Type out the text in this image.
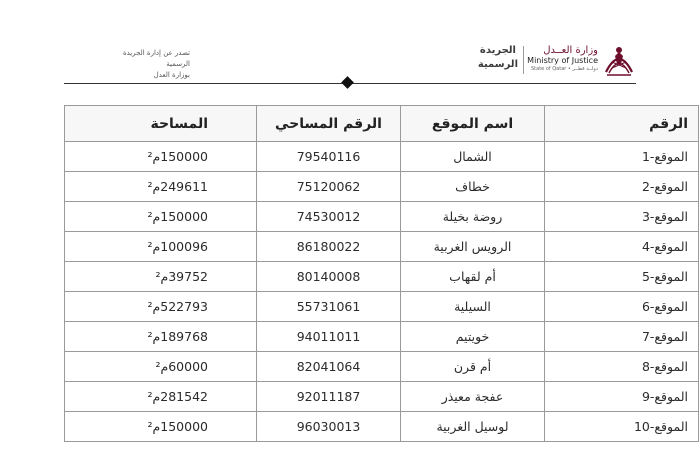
تصدر عن إدارة الجريدة الرسمية
بوزارة العدل
وزارة العــدل
Ministry of Justice
State of Qatar • دولــة قطــر
الجريدة
الرسمية
الرقم	اسم الموقع	الرقم المساحي	المساحة
الموقع-1	الشمال	79540116	150000م²
الموقع-2	خطاف	75120062	249611م²
الموقع-3	روضة بخيلة	74530012	150000م²
الموقع-4	الرويس الغربية	86180022	100096م²
الموقع-5	أم لقهاب	80140008	39752م²
الموقع-6	السيلية	55731061	522793م²
الموقع-7	خويتيم	94011011	189768م²
الموقع-8	أم قرن	82041064	60000م²
الموقع-9	عفجة معيذر	92011187	281542م²
الموقع-10	لوسيل الغربية	96030013	150000م²
